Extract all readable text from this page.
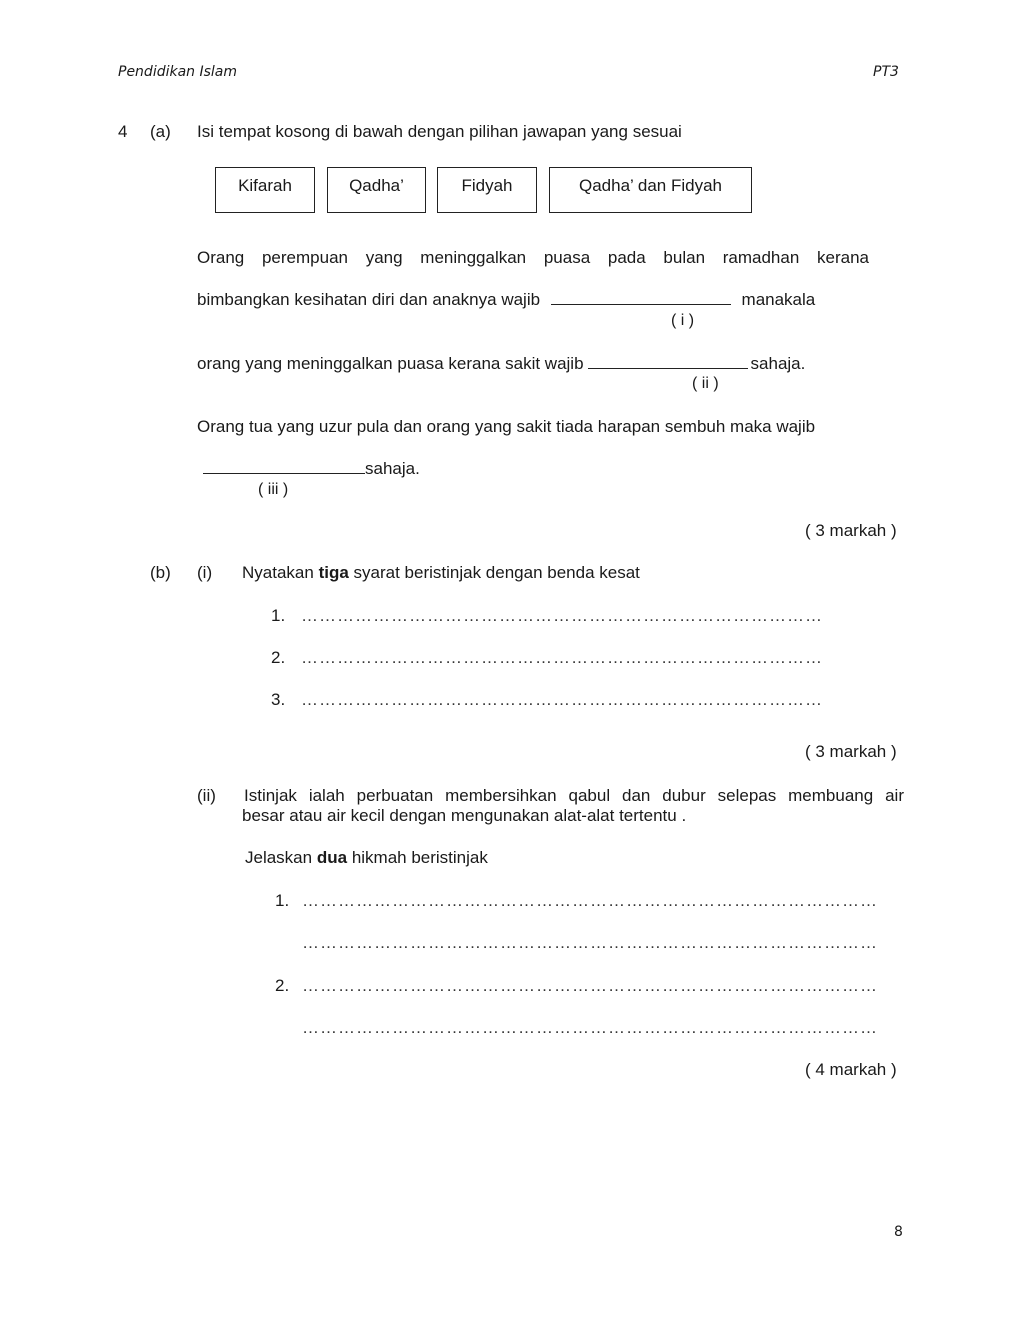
Pendidikan Islam	PT3
4 (a) Isi tempat kosong di bawah dengan pilihan jawapan yang sesuai
Kifarah	Qadha’	Fidyah	Qadha’ dan Fidyah
Orang perempuan yang meninggalkan puasa pada bulan ramadhan kerana
bimbangkan kesihatan diri dan anaknya wajib	manakala
( i )
orang yang meninggalkan puasa kerana sakit wajib	sahaja.
( ii )
Orang tua yang uzur pula dan orang yang sakit tiada harapan sembuh maka wajib
sahaja.
( iii )
( 3 markah )
(b) (i) Nyatakan tiga syarat beristinjak dengan benda kesat
1. ……………………………………………………………………………
2. ……………………………………………………………………………
3. ……………………………………………………………………………
( 3 markah )
(ii) Istinjak ialah perbuatan membersihkan qabul dan dubur selepas membuang air
besar atau air kecil dengan mengunakan alat-alat tertentu .
Jelaskan dua hikmah beristinjak
1. ……………………………………………………………………………………
……………………………………………………………………………………
2. ……………………………………………………………………………………
……………………………………………………………………………………
( 4 markah )
8
